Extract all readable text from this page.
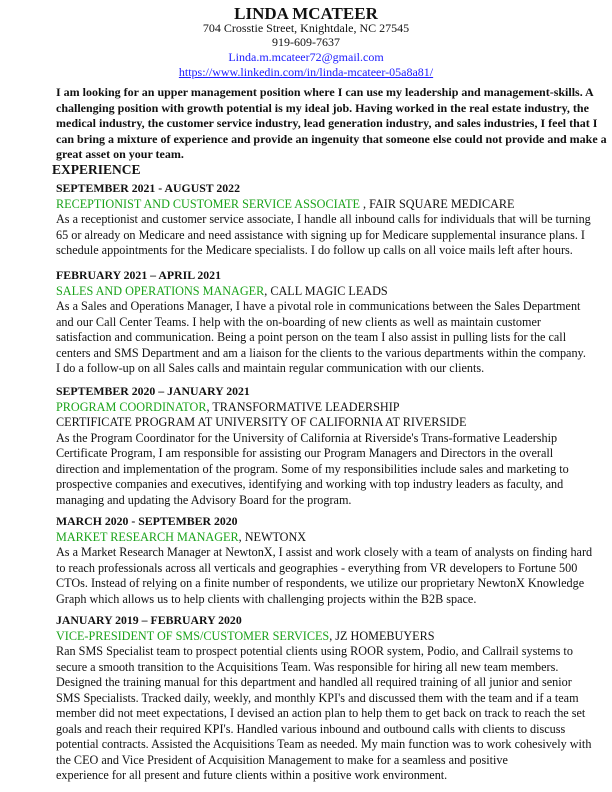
LINDA MCATEER
704 Crosstie Street, Knightdale, NC 27545
919-609-7637
Linda.m.mcateer72@gmail.com
https://www.linkedin.com/in/linda-mcateer-05a8a81/
I am looking for an upper management position where I can use my leadership and management-skills. A
challenging position with growth potential is my ideal job. Having worked in the real estate industry, the
medical industry, the customer service industry, lead generation industry, and sales industries, I feel that I
can bring a mixture of experience and provide an ingenuity that someone else could not provide and make a
great asset on your team.
EXPERIENCE
SEPTEMBER 2021 - AUGUST 2022
RECEPTIONIST AND CUSTOMER SERVICE ASSOCIATE , FAIR SQUARE MEDICARE
As a receptionist and customer service associate, I handle all inbound calls for individuals that will be turning
65 or already on Medicare and need assistance with signing up for Medicare supplemental insurance plans. I
schedule appointments for the Medicare specialists. I do follow up calls on all voice mails left after hours.
FEBRUARY 2021 – APRIL 2021
SALES AND OPERATIONS MANAGER, CALL MAGIC LEADS
As a Sales and Operations Manager, I have a pivotal role in communications between the Sales Department
and our Call Center Teams. I help with the on-boarding of new clients as well as maintain customer
satisfaction and communication. Being a point person on the team I also assist in pulling lists for the call
centers and SMS Department and am a liaison for the clients to the various departments within the company.
I do a follow-up on all Sales calls and maintain regular communication with our clients.
SEPTEMBER 2020 – JANUARY 2021
PROGRAM COORDINATOR, TRANSFORMATIVE LEADERSHIP
CERTIFICATE PROGRAM AT UNIVERSITY OF CALIFORNIA AT RIVERSIDE
As the Program Coordinator for the University of California at Riverside's Trans-formative Leadership
Certificate Program, I am responsible for assisting our Program Managers and Directors in the overall
direction and implementation of the program. Some of my responsibilities include sales and marketing to
prospective companies and executives, identifying and working with top industry leaders as faculty, and
managing and updating the Advisory Board for the program.
MARCH 2020 - SEPTEMBER 2020
MARKET RESEARCH MANAGER, NEWTONX
As a Market Research Manager at NewtonX, I assist and work closely with a team of analysts on finding hard
to reach professionals across all verticals and geographies - everything from VR developers to Fortune 500
CTOs. Instead of relying on a finite number of respondents, we utilize our proprietary NewtonX Knowledge
Graph which allows us to help clients with challenging projects within the B2B space.
JANUARY 2019 – FEBRUARY 2020
VICE-PRESIDENT OF SMS/CUSTOMER SERVICES, JZ HOMEBUYERS
Ran SMS Specialist team to prospect potential clients using ROOR system, Podio, and Callrail systems to
secure a smooth transition to the Acquisitions Team. Was responsible for hiring all new team members.
Designed the training manual for this department and handled all required training of all junior and senior
SMS Specialists. Tracked daily, weekly, and monthly KPI's and discussed them with the team and if a team
member did not meet expectations, I devised an action plan to help them to get back on track to reach the set
goals and reach their required KPI's. Handled various inbound and outbound calls with clients to discuss
potential contracts. Assisted the Acquisitions Team as needed. My main function was to work cohesively with
the CEO and Vice President of Acquisition Management to make for a seamless and positive
experience for all present and future clients within a positive work environment.
